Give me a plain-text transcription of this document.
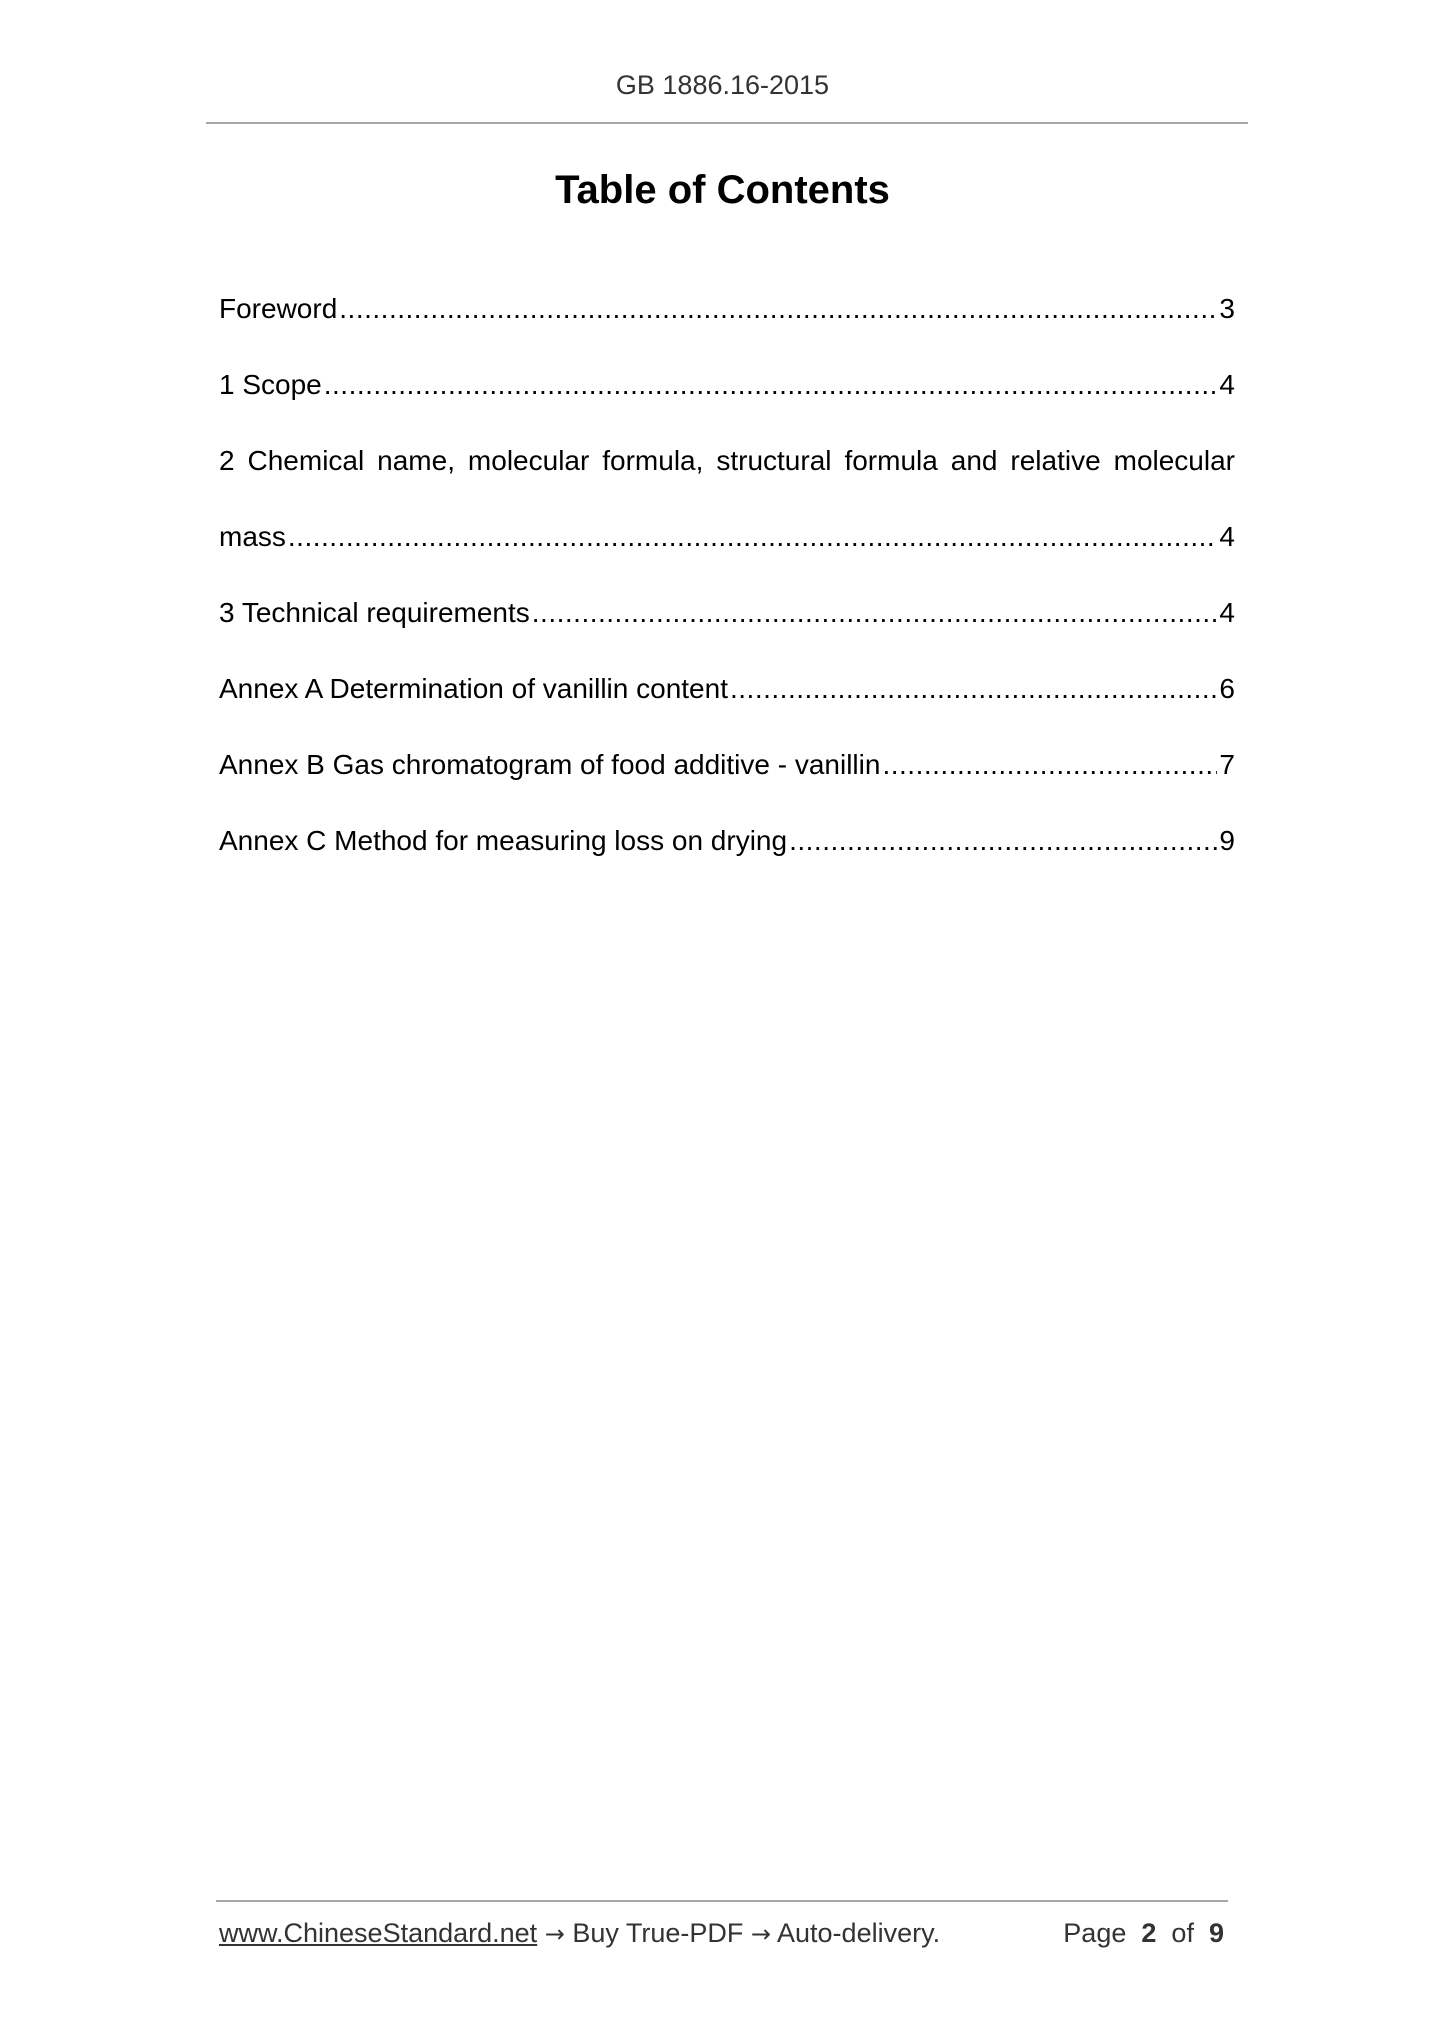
GB 1886.16-2015
Table of Contents
Foreword .....	3
1 Scope .....	4
2 Chemical name, molecular formula, structural formula and relative molecular
mass .....	4
3 Technical requirements .....	4
Annex A Determination of vanillin content .....	6
Annex B Gas chromatogram of food additive - vanillin .....	7
Annex C Method for measuring loss on drying .....	9
www.ChineseStandard.net → Buy True-PDF → Auto-delivery.	Page 2 of 9
